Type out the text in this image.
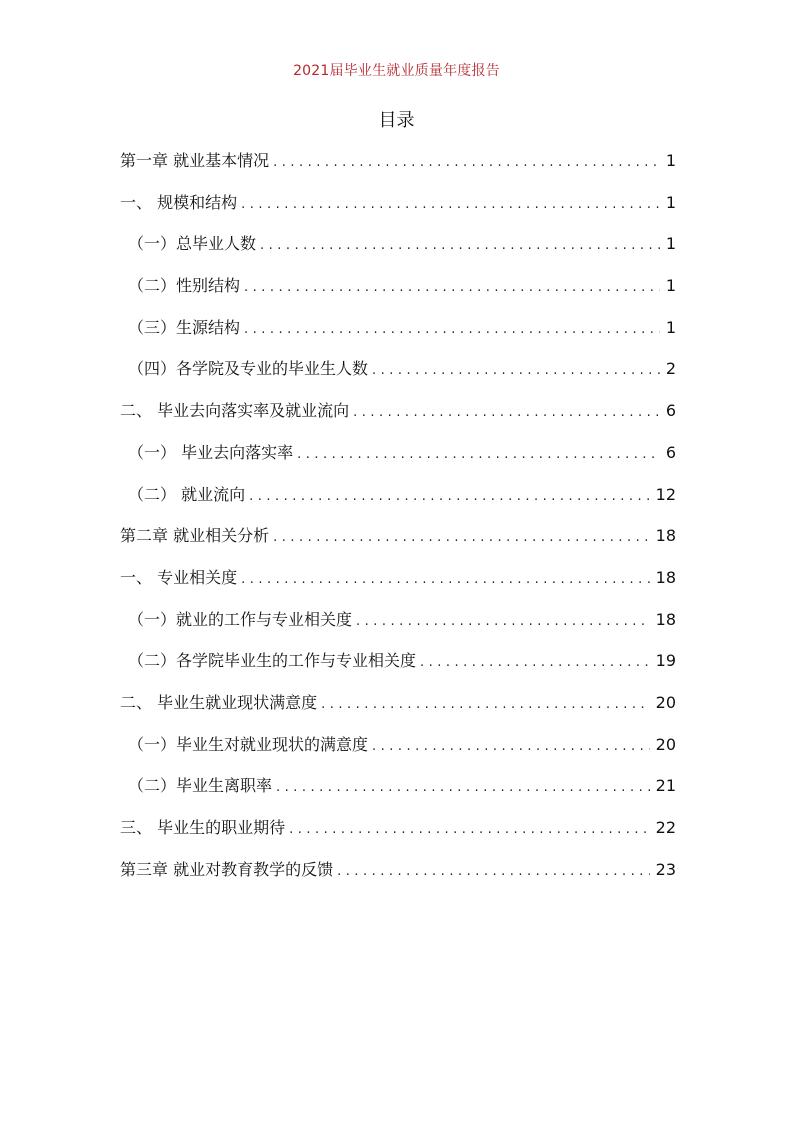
2021届毕业生就业质量年度报告
目录
第一章 就业基本情况 .....	1
一、 规模和结构 .....	1
（一）总毕业人数 .....	1
（二）性别结构 .....	1
（三）生源结构 .....	1
（四）各学院及专业的毕业生人数 .....	2
二、 毕业去向落实率及就业流向 .....	6
（一） 毕业去向落实率 .....	6
（二） 就业流向 .....	12
第二章 就业相关分析 .....	18
一、 专业相关度 .....	18
（一）就业的工作与专业相关度 .....	18
（二）各学院毕业生的工作与专业相关度 .....	19
二、 毕业生就业现状满意度 .....	20
（一）毕业生对就业现状的满意度 .....	20
（二）毕业生离职率 .....	21
三、 毕业生的职业期待 .....	22
第三章 就业对教育教学的反馈 .....	23
